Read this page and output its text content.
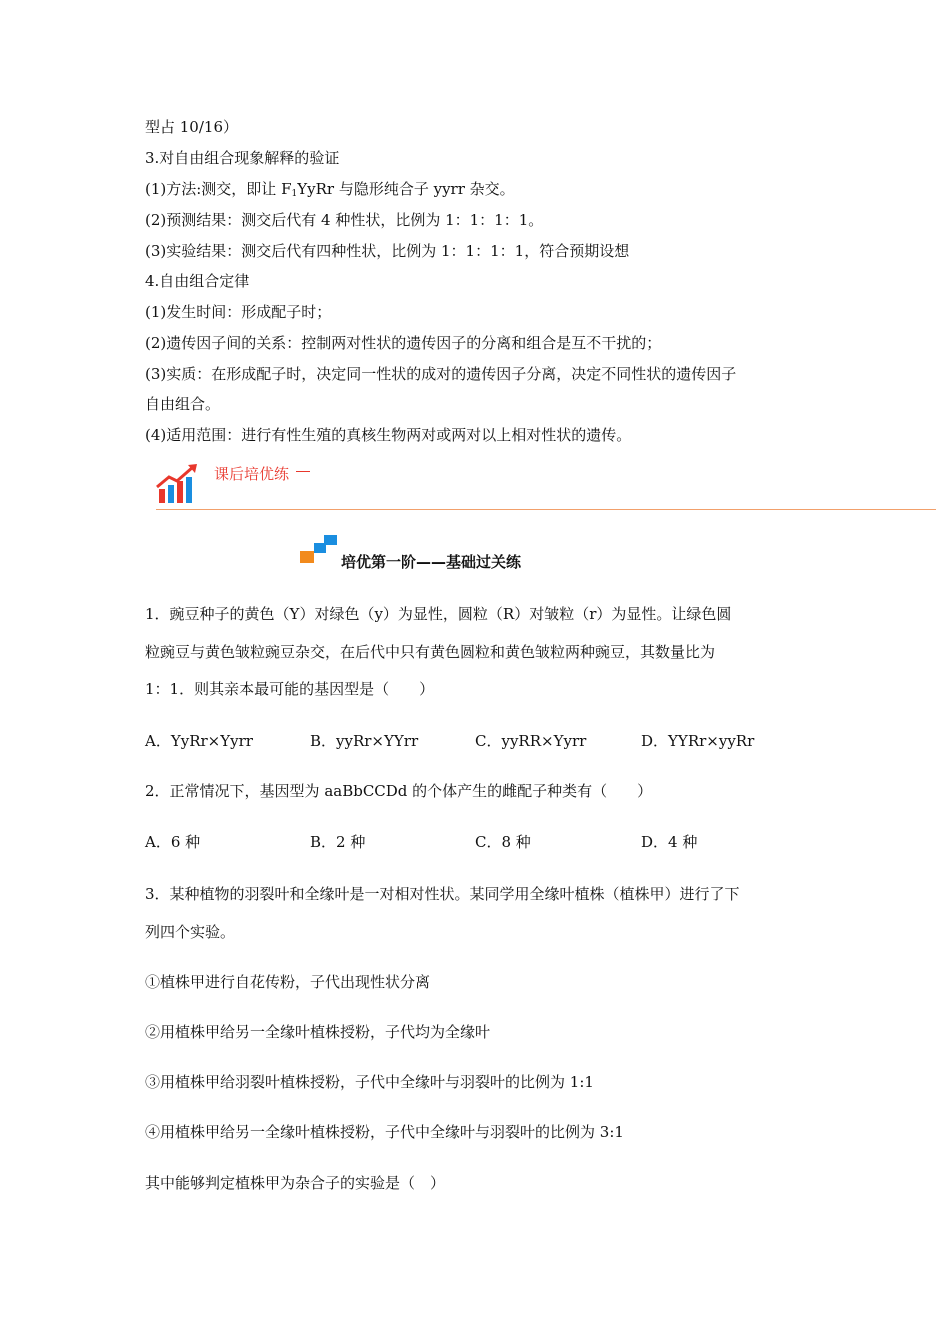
型占 10/16）
3.对自由组合现象解释的验证
(1)方法:测交，即让 $F_1YyRr$ 与隐形纯合子 yyrr 杂交。
(2)预测结果：测交后代有 4 种性状，比例为 1：1：1：1。
(3)实验结果：测交后代有四种性状，比例为 1：1：1：1，符合预期设想
4.自由组合定律
(1)发生时间：形成配子时；
(2)遗传因子间的关系：控制两对性状的遗传因子的分离和组合是互不干扰的；
(3)实质：在形成配子时，决定同一性状的成对的遗传因子分离，决定不同性状的遗传因子
自由组合。
(4)适用范围：进行有性生殖的真核生物两对或两对以上相对性状的遗传。
课后培优练
培优第一阶——基础过关练
1．豌豆种子的黄色（Y）对绿色（y）为显性，圆粒（R）对皱粒（r）为显性。让绿色圆
粒豌豆与黄色皱粒豌豆杂交，在后代中只有黄色圆粒和黄色皱粒两种豌豆，其数量比为
1：1．则其亲本最可能的基因型是（　　）
A．YyRr×Yyrr	B．yyRr×YYrr	C．yyRR×Yyrr	D．YYRr×yyRr
2．正常情况下，基因型为 aaBbCCDd 的个体产生的雌配子种类有（　　）
A．6 种	B．2 种	C．8 种	D．4 种
3．某种植物的羽裂叶和全缘叶是一对相对性状。某同学用全缘叶植株（植株甲）进行了下
列四个实验。
①植株甲进行自花传粉，子代出现性状分离
②用植株甲给另一全缘叶植株授粉，子代均为全缘叶
③用植株甲给羽裂叶植株授粉，子代中全缘叶与羽裂叶的比例为 1:1
④用植株甲给另一全缘叶植株授粉，子代中全缘叶与羽裂叶的比例为 3:1
其中能够判定植株甲为杂合子的实验是（　）
